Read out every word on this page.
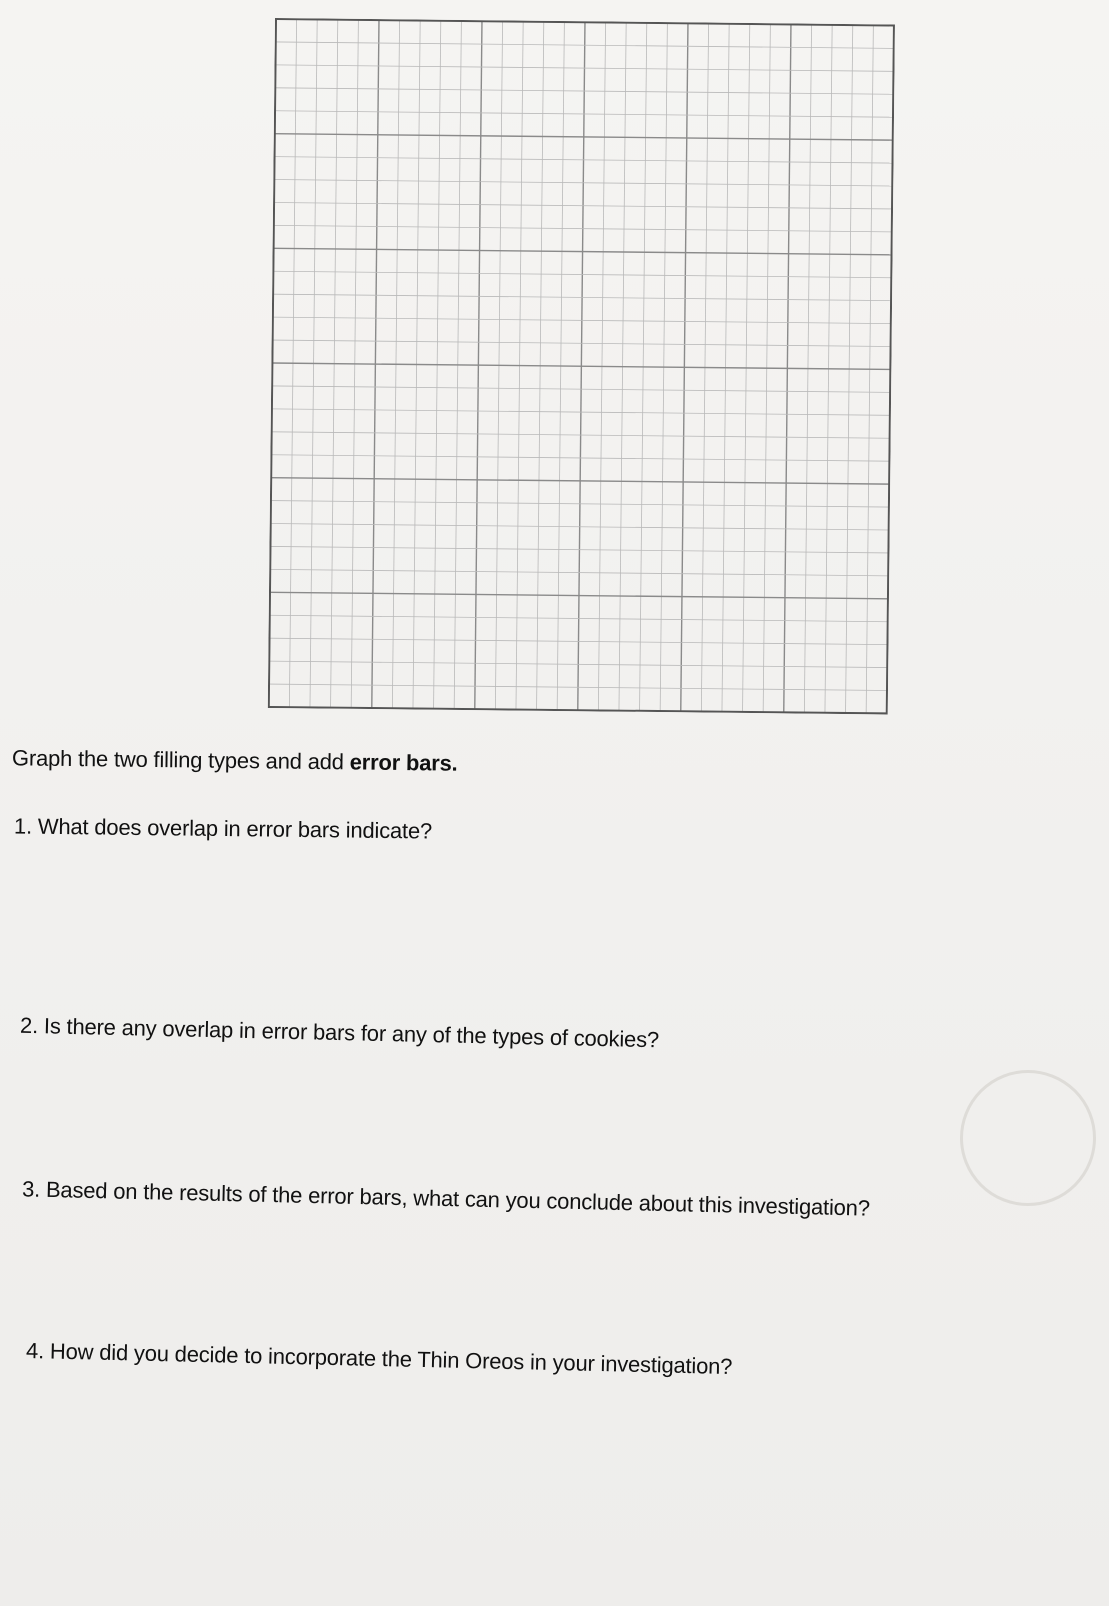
Graph the two filling types and add error bars.
1. What does overlap in error bars indicate?
2. Is there any overlap in error bars for any of the types of cookies?
3. Based on the results of the error bars, what can you conclude about this investigation?
4. How did you decide to incorporate the Thin Oreos in your investigation?
